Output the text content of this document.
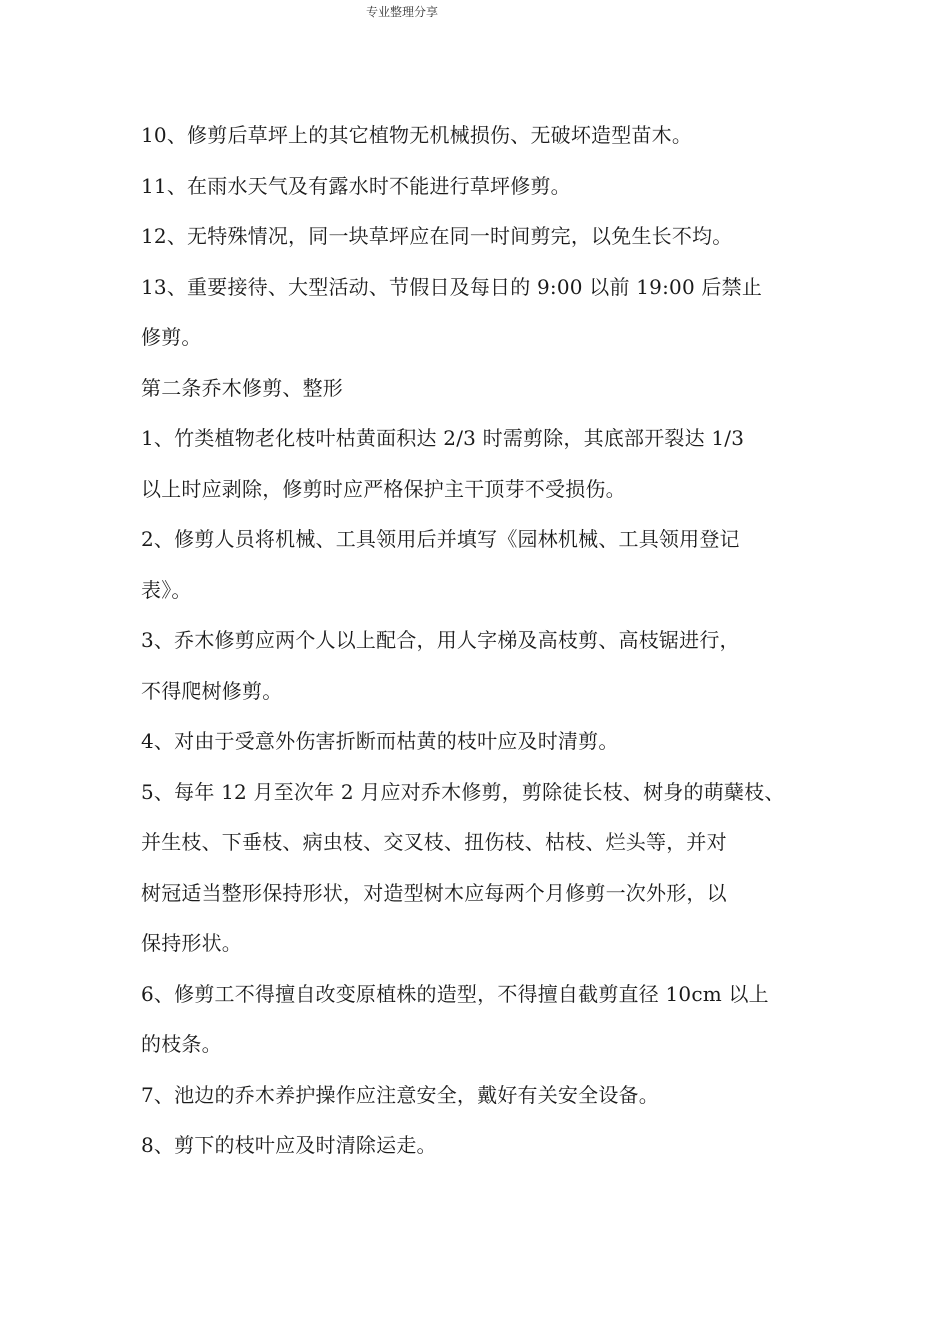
专业整理分享
10、修剪后草坪上的其它植物无机械损伤、无破坏造型苗木。
11、在雨水天气及有露水时不能进行草坪修剪。
12、无特殊情况，同一块草坪应在同一时间剪完，以免生长不均。
13、重要接待、大型活动、节假日及每日的 9:00 以前 19:00 后禁止
修剪。
第二条乔木修剪、整形
1、竹类植物老化枝叶枯黄面积达 2/3 时需剪除，其底部开裂达 1/3
以上时应剥除，修剪时应严格保护主干顶芽不受损伤。
2、修剪人员将机械、工具领用后并填写《园林机械、工具领用登记
表》。
3、乔木修剪应两个人以上配合，用人字梯及高枝剪、高枝锯进行，
不得爬树修剪。
4、对由于受意外伤害折断而枯黄的枝叶应及时清剪。
5、每年 12 月至次年 2 月应对乔木修剪，剪除徒长枝、树身的萌蘖枝、
并生枝、下垂枝、病虫枝、交叉枝、扭伤枝、枯枝、烂头等，并对
树冠适当整形保持形状，对造型树木应每两个月修剪一次外形，以
保持形状。
6、修剪工不得擅自改变原植株的造型，不得擅自截剪直径 10cm 以上
的枝条。
7、池边的乔木养护操作应注意安全，戴好有关安全设备。
8、剪下的枝叶应及时清除运走。
